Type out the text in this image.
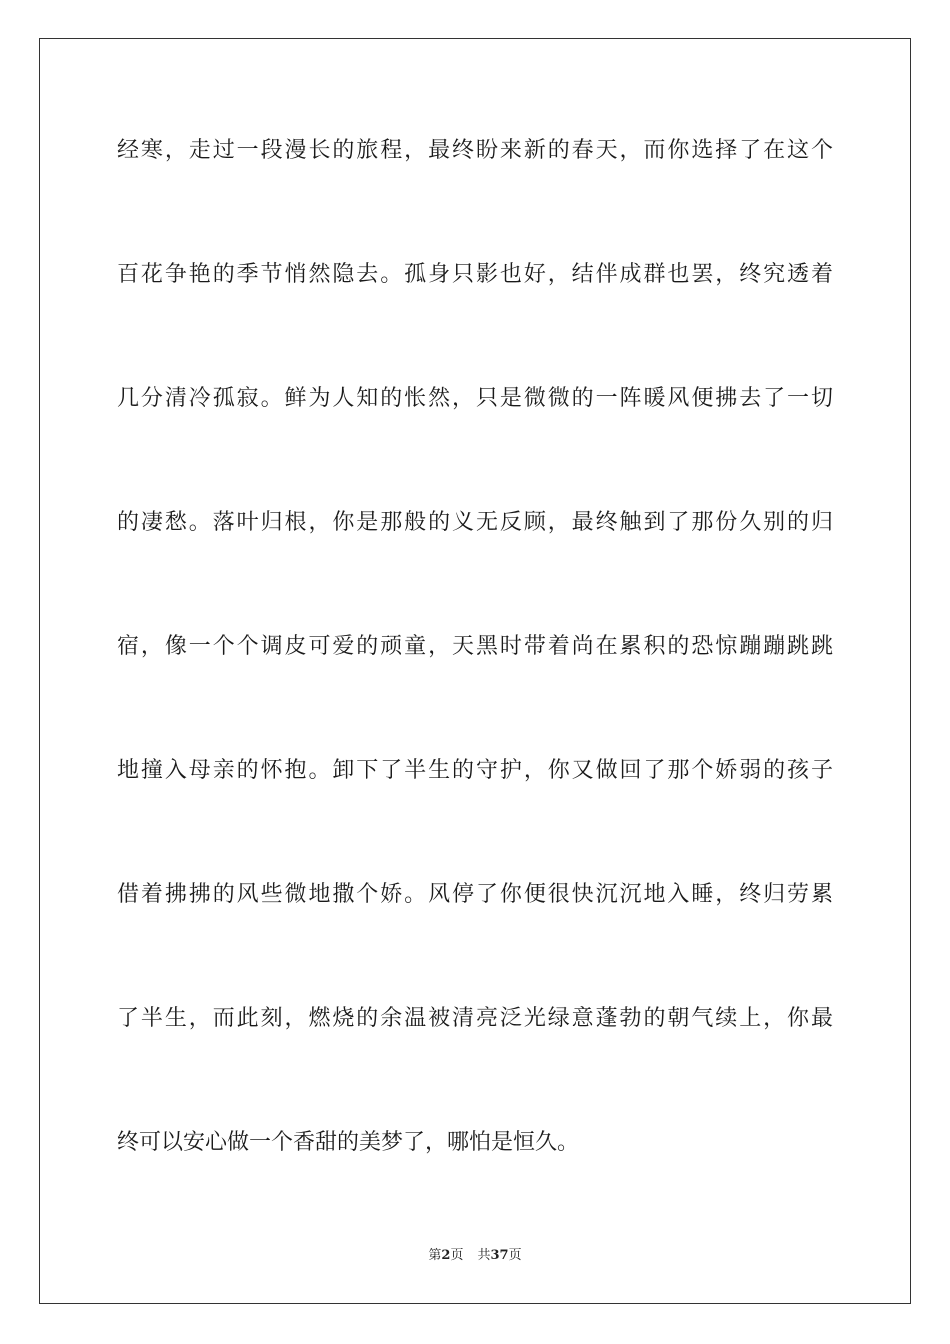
经寒，走过一段漫长的旅程，最终盼来新的春天，而你选择了在这个
百花争艳的季节悄然隐去。孤身只影也好，结伴成群也罢，终究透着
几分清冷孤寂。鲜为人知的怅然，只是微微的一阵暖风便拂去了一切
的凄愁。落叶归根，你是那般的义无反顾，最终触到了那份久别的归
宿，像一个个调皮可爱的顽童，天黑时带着尚在累积的恐惊蹦蹦跳跳
地撞入母亲的怀抱。卸下了半生的守护，你又做回了那个娇弱的孩子
借着拂拂的风些微地撒个娇。风停了你便很快沉沉地入睡，终归劳累
了半生，而此刻，燃烧的余温被清亮泛光绿意蓬勃的朝气续上，你最
终可以安心做一个香甜的美梦了，哪怕是恒久。
第2页 共37页
